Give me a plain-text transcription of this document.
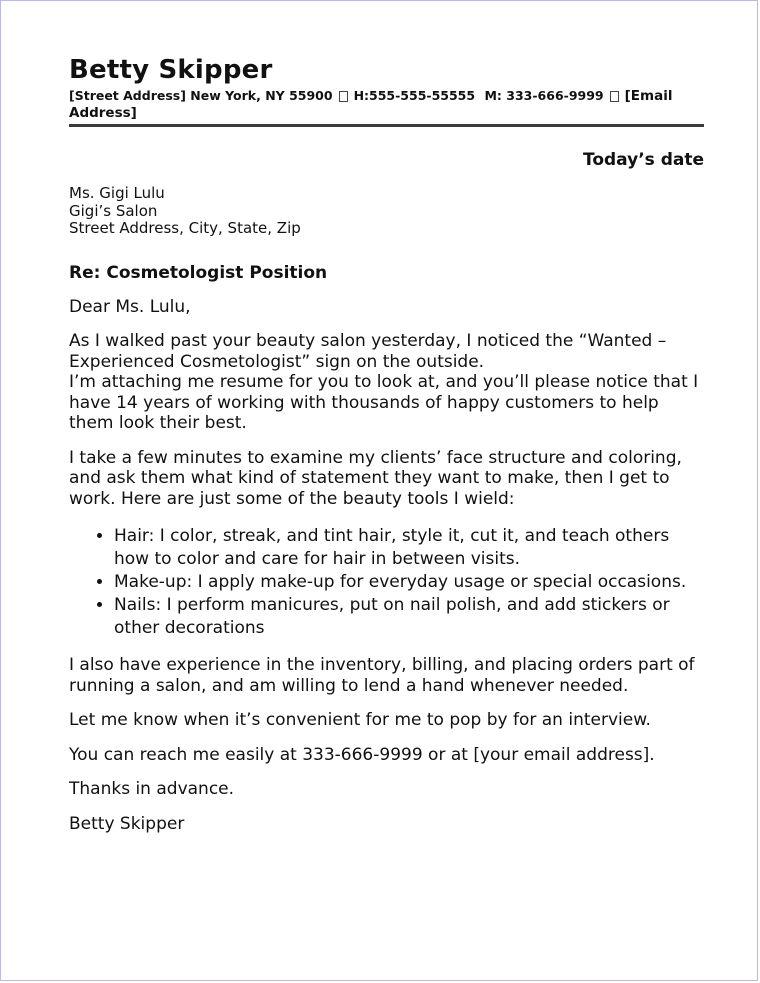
Betty Skipper
[Street Address] New York, NY 55900 H:555-555-55555 M: 333-666-9999 [Email Address]
Today’s date
Ms. Gigi Lulu
Gigi’s Salon
Street Address, City, State, Zip
Re: Cosmetologist Position

Dear Ms. Lulu,

As I walked past your beauty salon yesterday, I noticed the “Wanted – Experienced Cosmetologist” sign on the outside.
I’m attaching me resume for you to look at, and you’ll please notice that I have 14 years of working with thousands of happy customers to help them look their best.

I take a few minutes to examine my clients’ face structure and coloring, and ask them what kind of statement they want to make, then I get to work. Here are just some of the beauty tools I wield:

• Hair: I color, streak, and tint hair, style it, cut it, and teach others how to color and care for hair in between visits.
• Make-up: I apply make-up for everyday usage or special occasions.
• Nails: I perform manicures, put on nail polish, and add stickers or other decorations

I also have experience in the inventory, billing, and placing orders part of running a salon, and am willing to lend a hand whenever needed.

Let me know when it’s convenient for me to pop by for an interview.

You can reach me easily at 333-666-9999 or at [your email address].

Thanks in advance.

Betty Skipper
